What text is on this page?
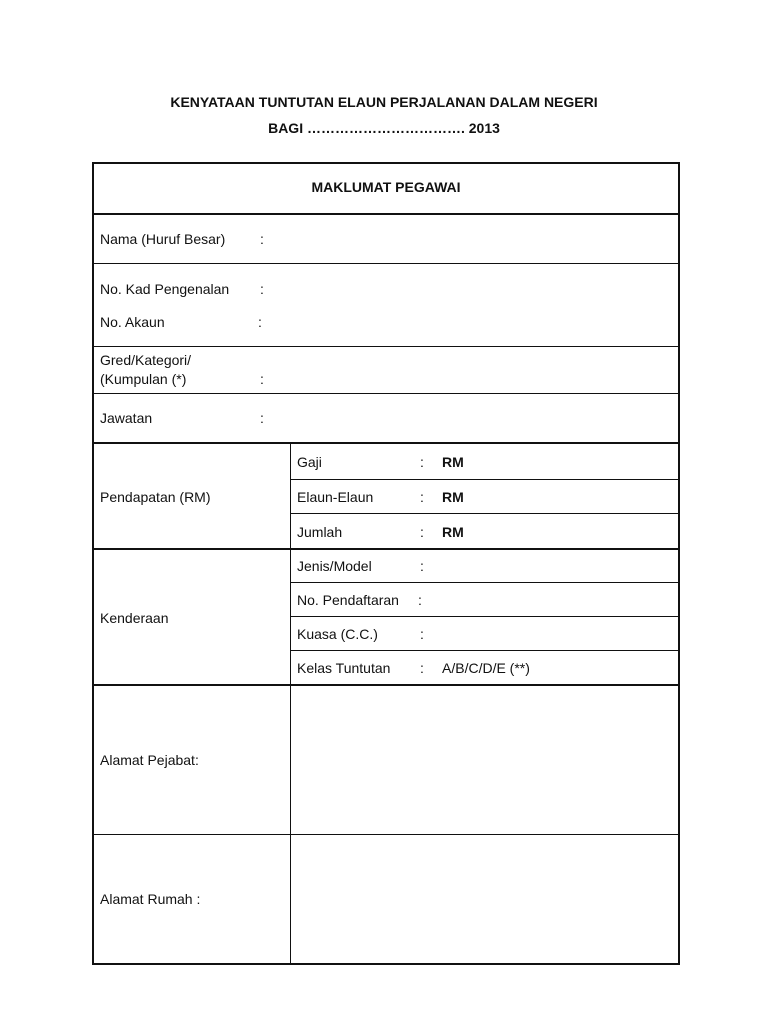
KENYATAAN TUNTUTAN ELAUN PERJALANAN DALAM NEGERI
BAGI ……………………………. 2013
MAKLUMAT PEGAWAI
Nama (Huruf Besar) :
No. Kad Pengenalan :
No. Akaun	:
Gred/Kategori/
(Kumpulan (*)	:
Jawatan	:
Pendapatan (RM)
Gaji	: RM
Elaun-Elaun	: RM
Jumlah	: RM
Kenderaan
Jenis/Model	:
No. Pendaftaran :
Kuasa (C.C.)	:
Kelas Tuntutan : A/B/C/D/E (**)
Alamat Pejabat:
Alamat Rumah :
